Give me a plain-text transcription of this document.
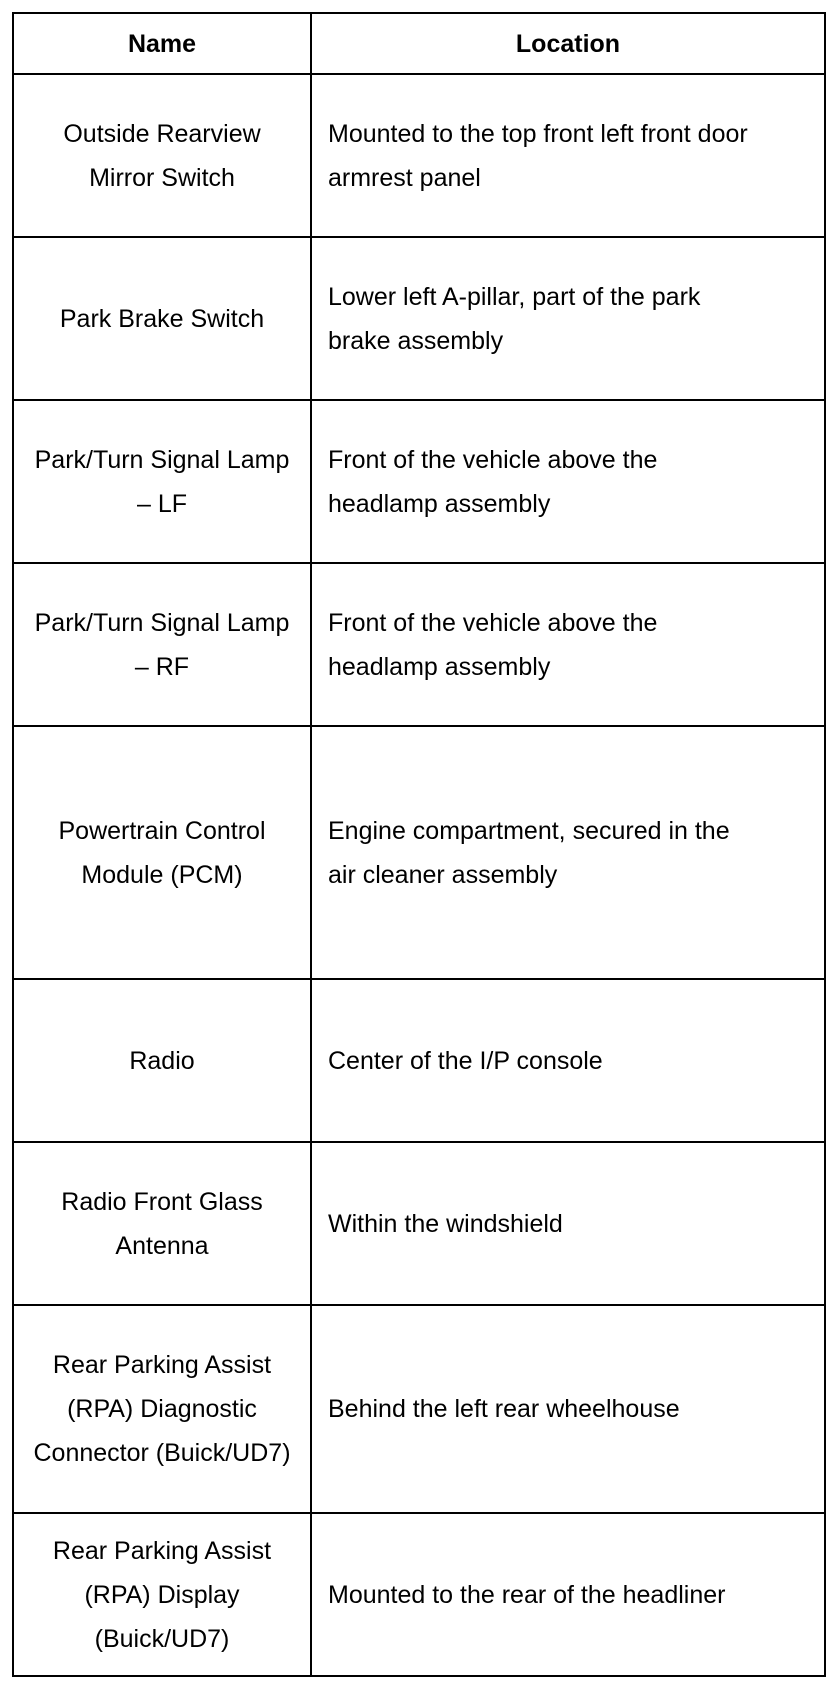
Name	Location
Outside Rearview Mirror Switch	Mounted to the top front left front door armrest panel

Park Brake Switch	Lower left A-pillar, part of the park brake assembly

Park/Turn Signal Lamp – LF	Front of the vehicle above the headlamp assembly

Park/Turn Signal Lamp – RF	Front of the vehicle above the headlamp assembly

Powertrain Control Module (PCM)	Engine compartment, secured in the air cleaner assembly

Radio	Center of the I/P console

Radio Front Glass Antenna	Within the windshield

Rear Parking Assist (RPA) Diagnostic Connector (Buick/UD7)	Behind the left rear wheelhouse

Rear Parking Assist (RPA) Display (Buick/UD7)	Mounted to the rear of the headliner
